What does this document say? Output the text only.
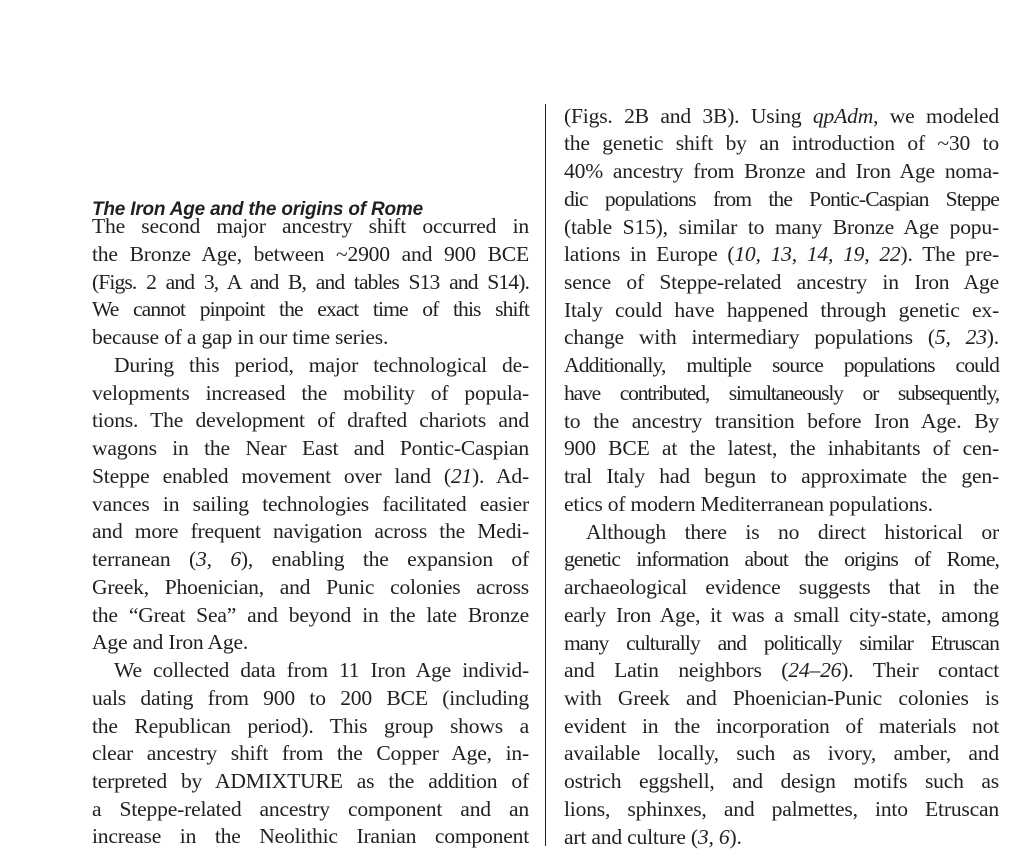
The Iron Age and the origins of Rome
The second major ancestry shift occurred in
the Bronze Age, between ~2900 and 900 BCE
(Figs. 2 and 3, A and B, and tables S13 and S14).
We cannot pinpoint the exact time of this shift
because of a gap in our time series.
During this period, major technological de-
velopments increased the mobility of popula-
tions. The development of drafted chariots and
wagons in the Near East and Pontic-Caspian
Steppe enabled movement over land (21). Ad-
vances in sailing technologies facilitated easier
and more frequent navigation across the Medi-
terranean (3, 6), enabling the expansion of
Greek, Phoenician, and Punic colonies across
the “Great Sea” and beyond in the late Bronze
Age and Iron Age.
We collected data from 11 Iron Age individ-
uals dating from 900 to 200 BCE (including
the Republican period). This group shows a
clear ancestry shift from the Copper Age, in-
terpreted by ADMIXTURE as the addition of
a Steppe-related ancestry component and an
increase in the Neolithic Iranian component
(Figs. 2B and 3B). Using qpAdm, we modeled
the genetic shift by an introduction of ~30 to
40% ancestry from Bronze and Iron Age noma-
dic populations from the Pontic-Caspian Steppe
(table S15), similar to many Bronze Age popu-
lations in Europe (10, 13, 14, 19, 22). The pre-
sence of Steppe-related ancestry in Iron Age
Italy could have happened through genetic ex-
change with intermediary populations (5, 23).
Additionally, multiple source populations could
have contributed, simultaneously or subsequently,
to the ancestry transition before Iron Age. By
900 BCE at the latest, the inhabitants of cen-
tral Italy had begun to approximate the gen-
etics of modern Mediterranean populations.
Although there is no direct historical or
genetic information about the origins of Rome,
archaeological evidence suggests that in the
early Iron Age, it was a small city-state, among
many culturally and politically similar Etruscan
and Latin neighbors (24–26). Their contact
with Greek and Phoenician-Punic colonies is
evident in the incorporation of materials not
available locally, such as ivory, amber, and
ostrich eggshell, and design motifs such as
lions, sphinxes, and palmettes, into Etruscan
art and culture (3, 6).
